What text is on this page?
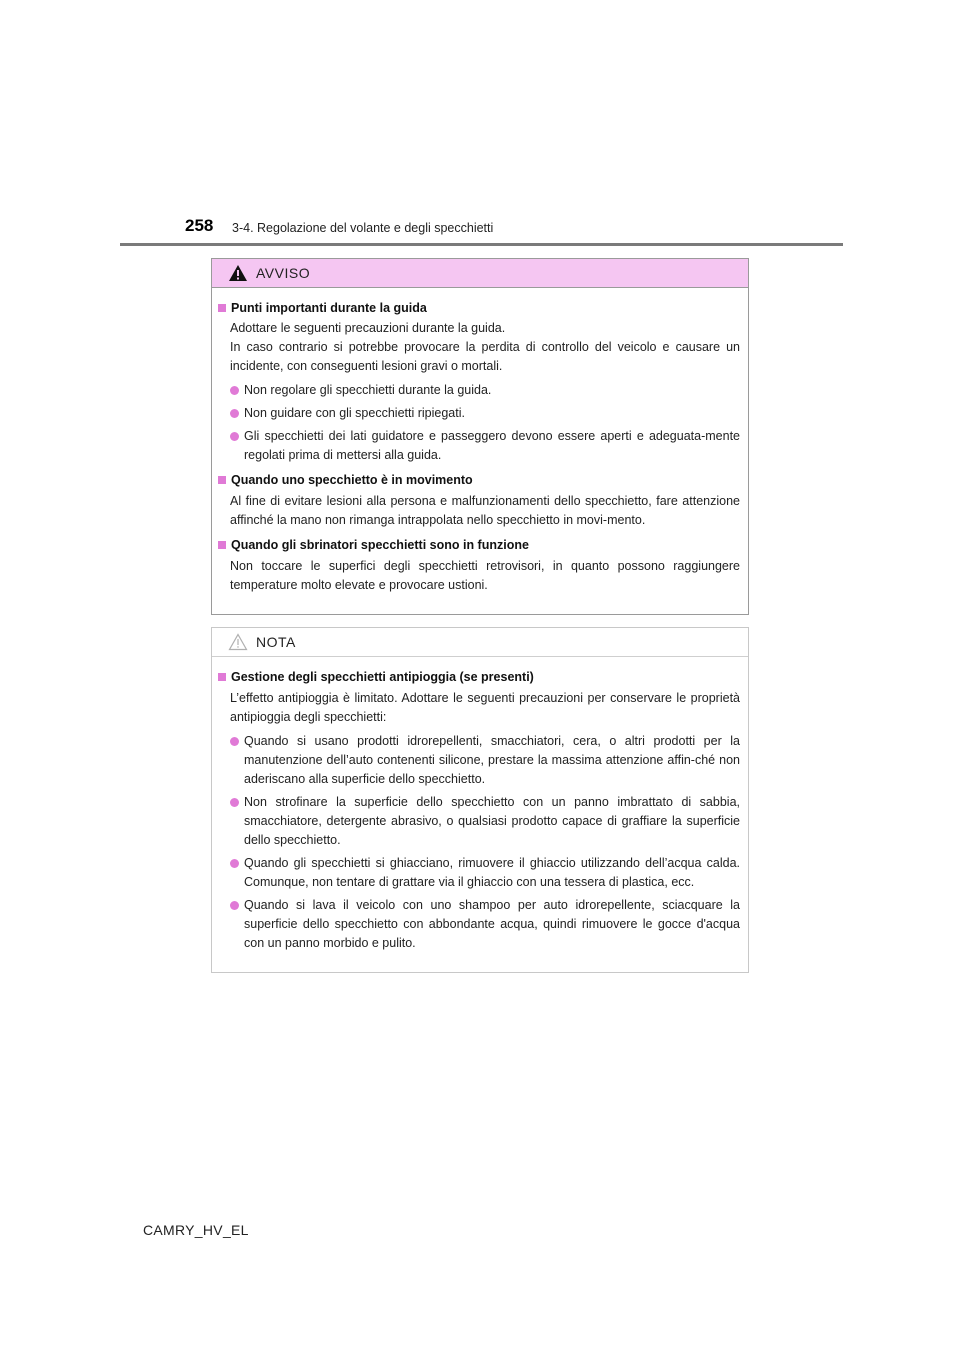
258 3-4. Regolazione del volante e degli specchietti
AVVISO
Punti importanti durante la guida
Adottare le seguenti precauzioni durante la guida.
In caso contrario si potrebbe provocare la perdita di controllo del veicolo e causare un incidente, con conseguenti lesioni gravi o mortali.
Non regolare gli specchietti durante la guida.
Non guidare con gli specchietti ripiegati.
Gli specchietti dei lati guidatore e passeggero devono essere aperti e adeguata-mente regolati prima di mettersi alla guida.
Quando uno specchietto è in movimento
Al fine di evitare lesioni alla persona e malfunzionamenti dello specchietto, fare attenzione affinché la mano non rimanga intrappolata nello specchietto in movi-mento.
Quando gli sbrinatori specchietti sono in funzione
Non toccare le superfici degli specchietti retrovisori, in quanto possono raggiungere temperature molto elevate e provocare ustioni.
NOTA
Gestione degli specchietti antipioggia (se presenti)
L’effetto antipioggia è limitato. Adottare le seguenti precauzioni per conservare le proprietà antipioggia degli specchietti:
Quando si usano prodotti idrorepellenti, smacchiatori, cera, o altri prodotti per la manutenzione dell’auto contenenti silicone, prestare la massima attenzione affin-ché non aderiscano alla superficie dello specchietto.
Non strofinare la superficie dello specchietto con un panno imbrattato di sabbia, smacchiatore, detergente abrasivo, o qualsiasi prodotto capace di graffiare la superficie dello specchietto.
Quando gli specchietti si ghiacciano, rimuovere il ghiaccio utilizzando dell’acqua calda. Comunque, non tentare di grattare via il ghiaccio con una tessera di plastica, ecc.
Quando si lava il veicolo con uno shampoo per auto idrorepellente, sciacquare la superficie dello specchietto con abbondante acqua, quindi rimuovere le gocce d'acqua con un panno morbido e pulito.
CAMRY_HV_EL
